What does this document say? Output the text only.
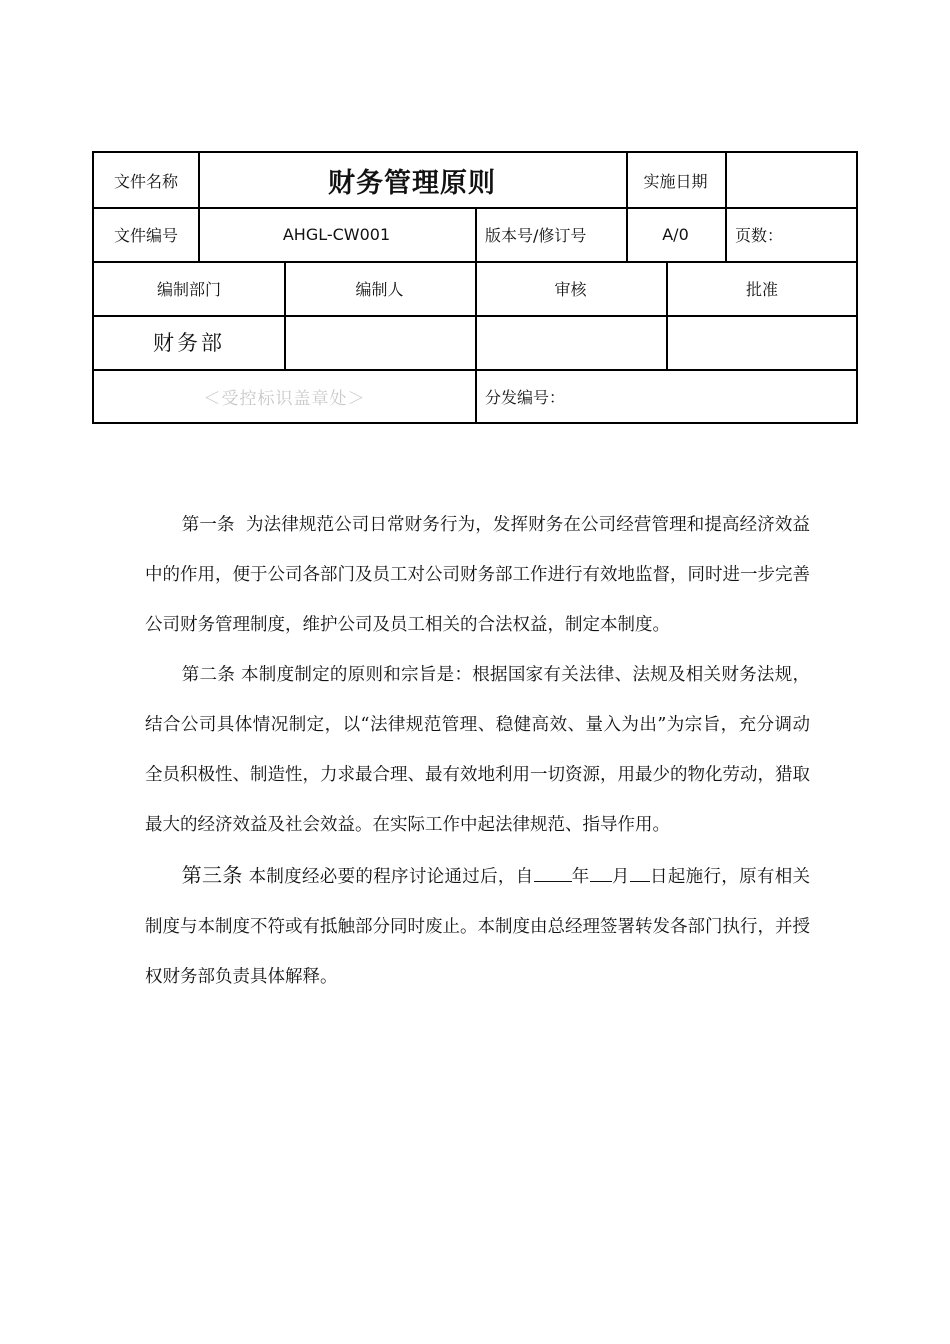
文件名称	财务管理原则	实施日期
文件编号	AHGL-CW001	版本号/修订号	A/0	页数：
编制部门	编制人	审核	批准
财务部
＜受控标识盖章处＞	分发编号：

第一条 为法律规范公司日常财务行为，发挥财务在公司经营管理和提高经济效益中的作用，便于公司各部门及员工对公司财务部工作进行有效地监督，同时进一步完善公司财务管理制度，维护公司及员工相关的合法权益，制定本制度。

第二条 本制度制定的原则和宗旨是：根据国家有关法律、法规及相关财务法规，结合公司具体情况制定，以“法律规范管理、稳健高效、量入为出”为宗旨，充分调动全员积极性、制造性，力求最合理、最有效地利用一切资源，用最少的物化劳动，猎取最大的经济效益及社会效益。在实际工作中起法律规范、指导作用。

第三条 本制度经必要的程序讨论通过后，自 年 月 日起施行，原有相关制度与本制度不符或有抵触部分同时废止。本制度由总经理签署转发各部门执行，并授权财务部负责具体解释。
